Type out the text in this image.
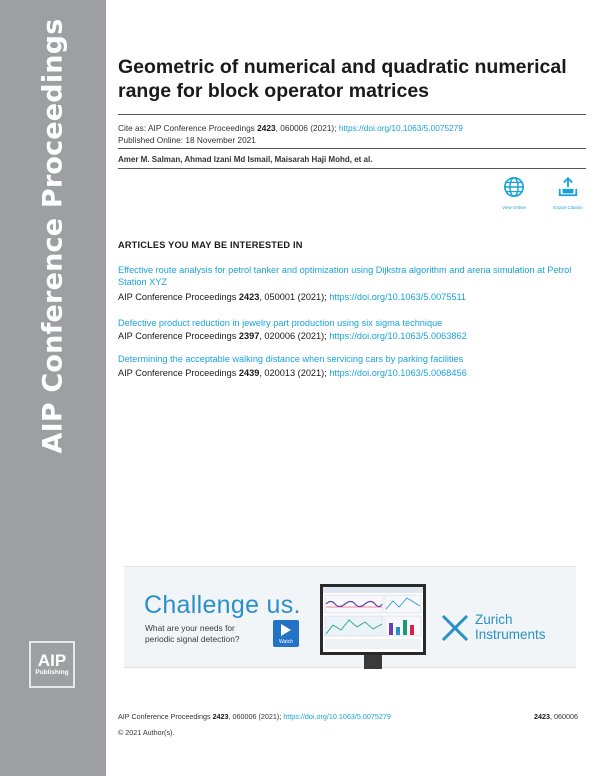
AIP Conference Proceedings
AIP
Publishing
Geometric of numerical and quadratic numerical range for block operator matrices
Cite as: AIP Conference Proceedings 2423, 060006 (2021); https://doi.org/10.1063/5.0075279
Published Online: 18 November 2021
Amer M. Salman, Ahmad Izani Md Ismail, Maisarah Haji Mohd, et al.
View Online	Export Citation
ARTICLES YOU MAY BE INTERESTED IN
Effective route analysis for petrol tanker and optimization using Dijkstra algorithm and arena simulation at Petrol Station XYZ
AIP Conference Proceedings 2423, 050001 (2021); https://doi.org/10.1063/5.0075511
Defective product reduction in jewelry part production using six sigma technique
AIP Conference Proceedings 2397, 020006 (2021); https://doi.org/10.1063/5.0063862
Determining the acceptable walking distance when servicing cars by parking facilities
AIP Conference Proceedings 2439, 020013 (2021); https://doi.org/10.1063/5.0068456
Challenge us.
What are your needs for
periodic signal detection?	Watch
Zurich
Instruments
AIP Conference Proceedings 2423, 060006 (2021); https://doi.org/10.1063/5.0075279	2423, 060006
© 2021 Author(s).
